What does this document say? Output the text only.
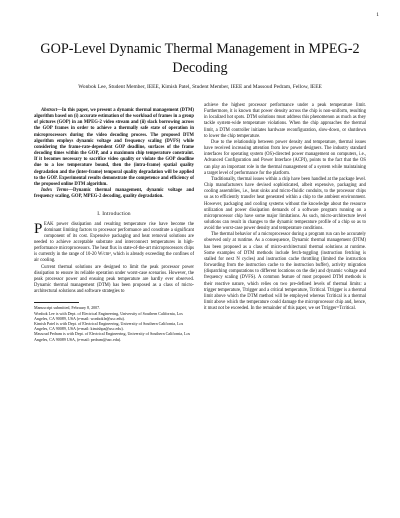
1
GOP-Level Dynamic Thermal Management in MPEG-2 Decoding
Wonbok Lee, Student Member, IEEE, Kimish Patel, Student Member, IEEE and Massoud Pedram, Fellow, IEEE

Abstract—In this paper, we present a dynamic thermal management (DTM) algorithm based on (i) accurate estimation of the workload of frames in a group of pictures (GOP) in an MPEG-2 video stream and (ii) slack borrowing across the GOP frames in order to achieve a thermally safe state of operation in microprocessors during the video decoding process. The proposed DTM algorithm employs dynamic voltage and frequency scaling (DVFS) while considering the frame-rate-dependent GOP deadline, surfaces of the frame decoding times within the GOP, and a maximum chip temperature constraint. If it becomes necessary to sacrifice video quality or violate the GOP deadline due to a low temperature bound, then the (intra-frame) spatial quality degradation and the (inter-frame) temporal quality degradation will be applied to the GOP. Experimental results demonstrate the competence and efficiency of the proposed online DTM algorithm.

Index Terms—Dynamic thermal management, dynamic voltage and frequency scaling, GOP, MPEG-2 decoding, quality degradation.

I. Introduction

PEAK power dissipation and resulting temperature rise have become the dominant limiting factors to processor performance and constitute a significant component of its cost. Expensive packaging and heat removal solutions are needed to achieve acceptable substrate and interconnect temperatures in high-performance microprocessors. The heat flux in state-of-the-art microprocessors chips is currently in the range of 10-20 W/cm², which is already exceeding the confines of air cooling.

Current thermal solutions are designed to limit the peak processor power dissipation to ensure its reliable operation under worst-case scenarios. However, the peak processor power and ensuing peak temperature are hardly ever observed. Dynamic thermal management (DTM) has been proposed as a class of micro-architectural solutions and software strategies to

Manuscript submitted, February 8, 2007.

Wonbok Lee is with Dept. of Electrical Engineering, University of Southern California, Los Angeles, CA 90089, USA (e-mail: wonbokle@usc.edu).

Kimish Patel is with Dept. of Electrical Engineering, University of Southern California, Los Angeles, CA 90089, USA (e-mail: kimishpa@usc.edu).

Massoud Pedram is with Dept. of Electrical Engineering, University of Southern California, Los Angeles, CA 90089 USA, (e-mail: pedram@usc.edu).

achieve the highest processor performance under a peak temperature limit. Furthermore, it is known that power density across the chip is non-uniform, resulting in localized hot spots. DTM solutions must address this phenomenon as much as they tackle system-wide temperature violations. When the chip approaches the thermal limit, a DTM controller initiates hardware reconfiguration, slow-down, or shutdown to lower the chip temperature.

Due to the relationship between power density and temperature, thermal issues have received increasing attention from low power designers. The industry standard interfaces for operating system (OS)-directed power management on computers, i.e., Advanced Configuration and Power Interface (ACPI), points to the fact that the OS can play an important role in the thermal management of a system while maintaining a target level of performance for the platform.

Traditionally, thermal issues within a chip have been handled at the package level. Chip manufacturers have devised sophisticated, albeit expensive, packaging and cooling assemblies, i.e., heat sinks and micro-fluidic conduits, to the processor chips so as to efficiently transfer heat generated within a chip to the ambient environment. However, packaging and cooling systems without the knowledge about the resource utilization and power dissipation demands of a software program running on a microprocessor chip have some major limitations. As such, micro-architecture level solutions can result in changes to the dynamic temperature profile of a chip so as to avoid the worst-case power density and temperature conditions.

The thermal behavior of a microprocessor during a program run can be accurately observed only at runtime. As a consequence, Dynamic thermal management (DTM) has been proposed as a class of micro-architectural thermal solutions at runtime. Some examples of DTM methods include fetch-toggling (instruction fetching is stalled for next N cycles) and instruction cache throttling (limited the instruction forwarding from the instruction cache to the instruction buffer), activity migration (dispatching computations to different locations on the die) and dynamic voltage and frequency scaling (DVFS). A common feature of most proposed DTM methods is their reactive nature, which relies on two pre-defined levels of thermal limits: a trigger temperature, Ttrigger and a critical temperature, Tcritical. Ttrigger is a thermal limit above which the DTM method will be employed whereas Tcritical is a thermal limit above which the temperature could damage the microprocessor chip and, hence, it must not be exceeded. In the remainder of this paper, we set Ttrigger=Tcritical.
